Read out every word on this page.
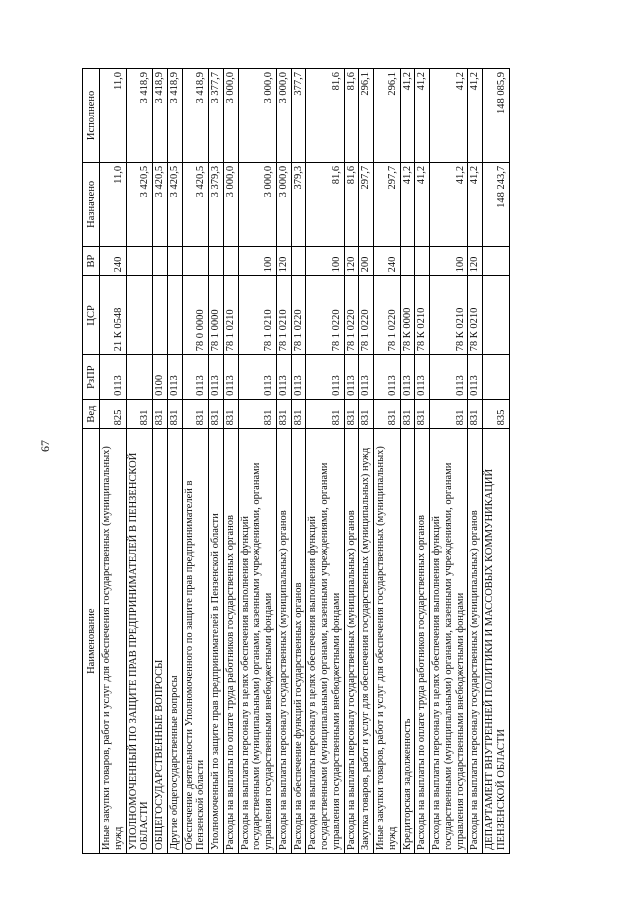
67
Наименование	Вед	РзПР	ЦСР	ВР	Назначено	Исполнено
Иные закупки товаров, работ и услуг для обеспечения государственных (муниципальных) нужд	825	0113	21 К 0548	240	11,0	11,0
УПОЛНОМОЧЕННЫЙ ПО ЗАЩИТЕ ПРАВ ПРЕДПРИНИМАТЕЛЕЙ В ПЕНЗЕНСКОЙ ОБЛАСТИ	831				3 420,5	3 418,9
ОБЩЕГОСУДАРСТВЕННЫЕ ВОПРОСЫ	831	0100			3 420,5	3 418,9
Другие общегосударственные вопросы	831	0113			3 420,5	3 418,9
Обеспечение деятельности Уполномоченного по защите прав предпринимателей в Пензенской области	831	0113	78 0 0000		3 420,5	3 418,9
Уполномоченный по защите прав предпринимателей в Пензенской области	831	0113	78 1 0000		3 379,3	3 377,7
Расходы на выплаты по оплате труда работников государственных органов	831	0113	78 1 0210		3 000,0	3 000,0
Расходы на выплаты персоналу в целях обеспечения выполнения функций государственными (муниципальными) органами, казенными учреждениями, органами управления государственными внебюджетными фондами	831	0113	78 1 0210	100	3 000,0	3 000,0
Расходы на выплаты персоналу государственных (муниципальных) органов	831	0113	78 1 0210	120	3 000,0	3 000,0
Расходы на обеспечение функций государственных органов	831	0113	78 1 0220		379,3	377,7
Расходы на выплаты персоналу в целях обеспечения выполнения функций государственными (муниципальными) органами, казенными учреждениями, органами управления государственными внебюджетными фондами	831	0113	78 1 0220	100	81,6	81,6
Расходы на выплаты персоналу государственных (муниципальных) органов	831	0113	78 1 0220	120	81,6	81,6
Закупка товаров, работ и услуг для обеспечения государственных (муниципальных) нужд	831	0113	78 1 0220	200	297,7	296,1
Иные закупки товаров, работ и услуг для обеспечения государственных (муниципальных) нужд	831	0113	78 1 0220	240	297,7	296,1
Кредиторская задолженность	831	0113	78 К 0000		41,2	41,2
Расходы на выплаты по оплате труда работников государственных органов	831	0113	78 К 0210		41,2	41,2
Расходы на выплаты персоналу в целях обеспечения выполнения функций государственными (муниципальными) органами, казенными учреждениями, органами управления государственными внебюджетными фондами	831	0113	78 К 0210	100	41,2	41,2
Расходы на выплаты персоналу государственных (муниципальных) органов	831	0113	78 К 0210	120	41,2	41,2
ДЕПАРТАМЕНТ ВНУТРЕННЕЙ ПОЛИТИКИ И МАССОВЫХ КОММУНИКАЦИЙ ПЕНЗЕНСКОЙ ОБЛАСТИ	835				148 243,7	148 085,9
